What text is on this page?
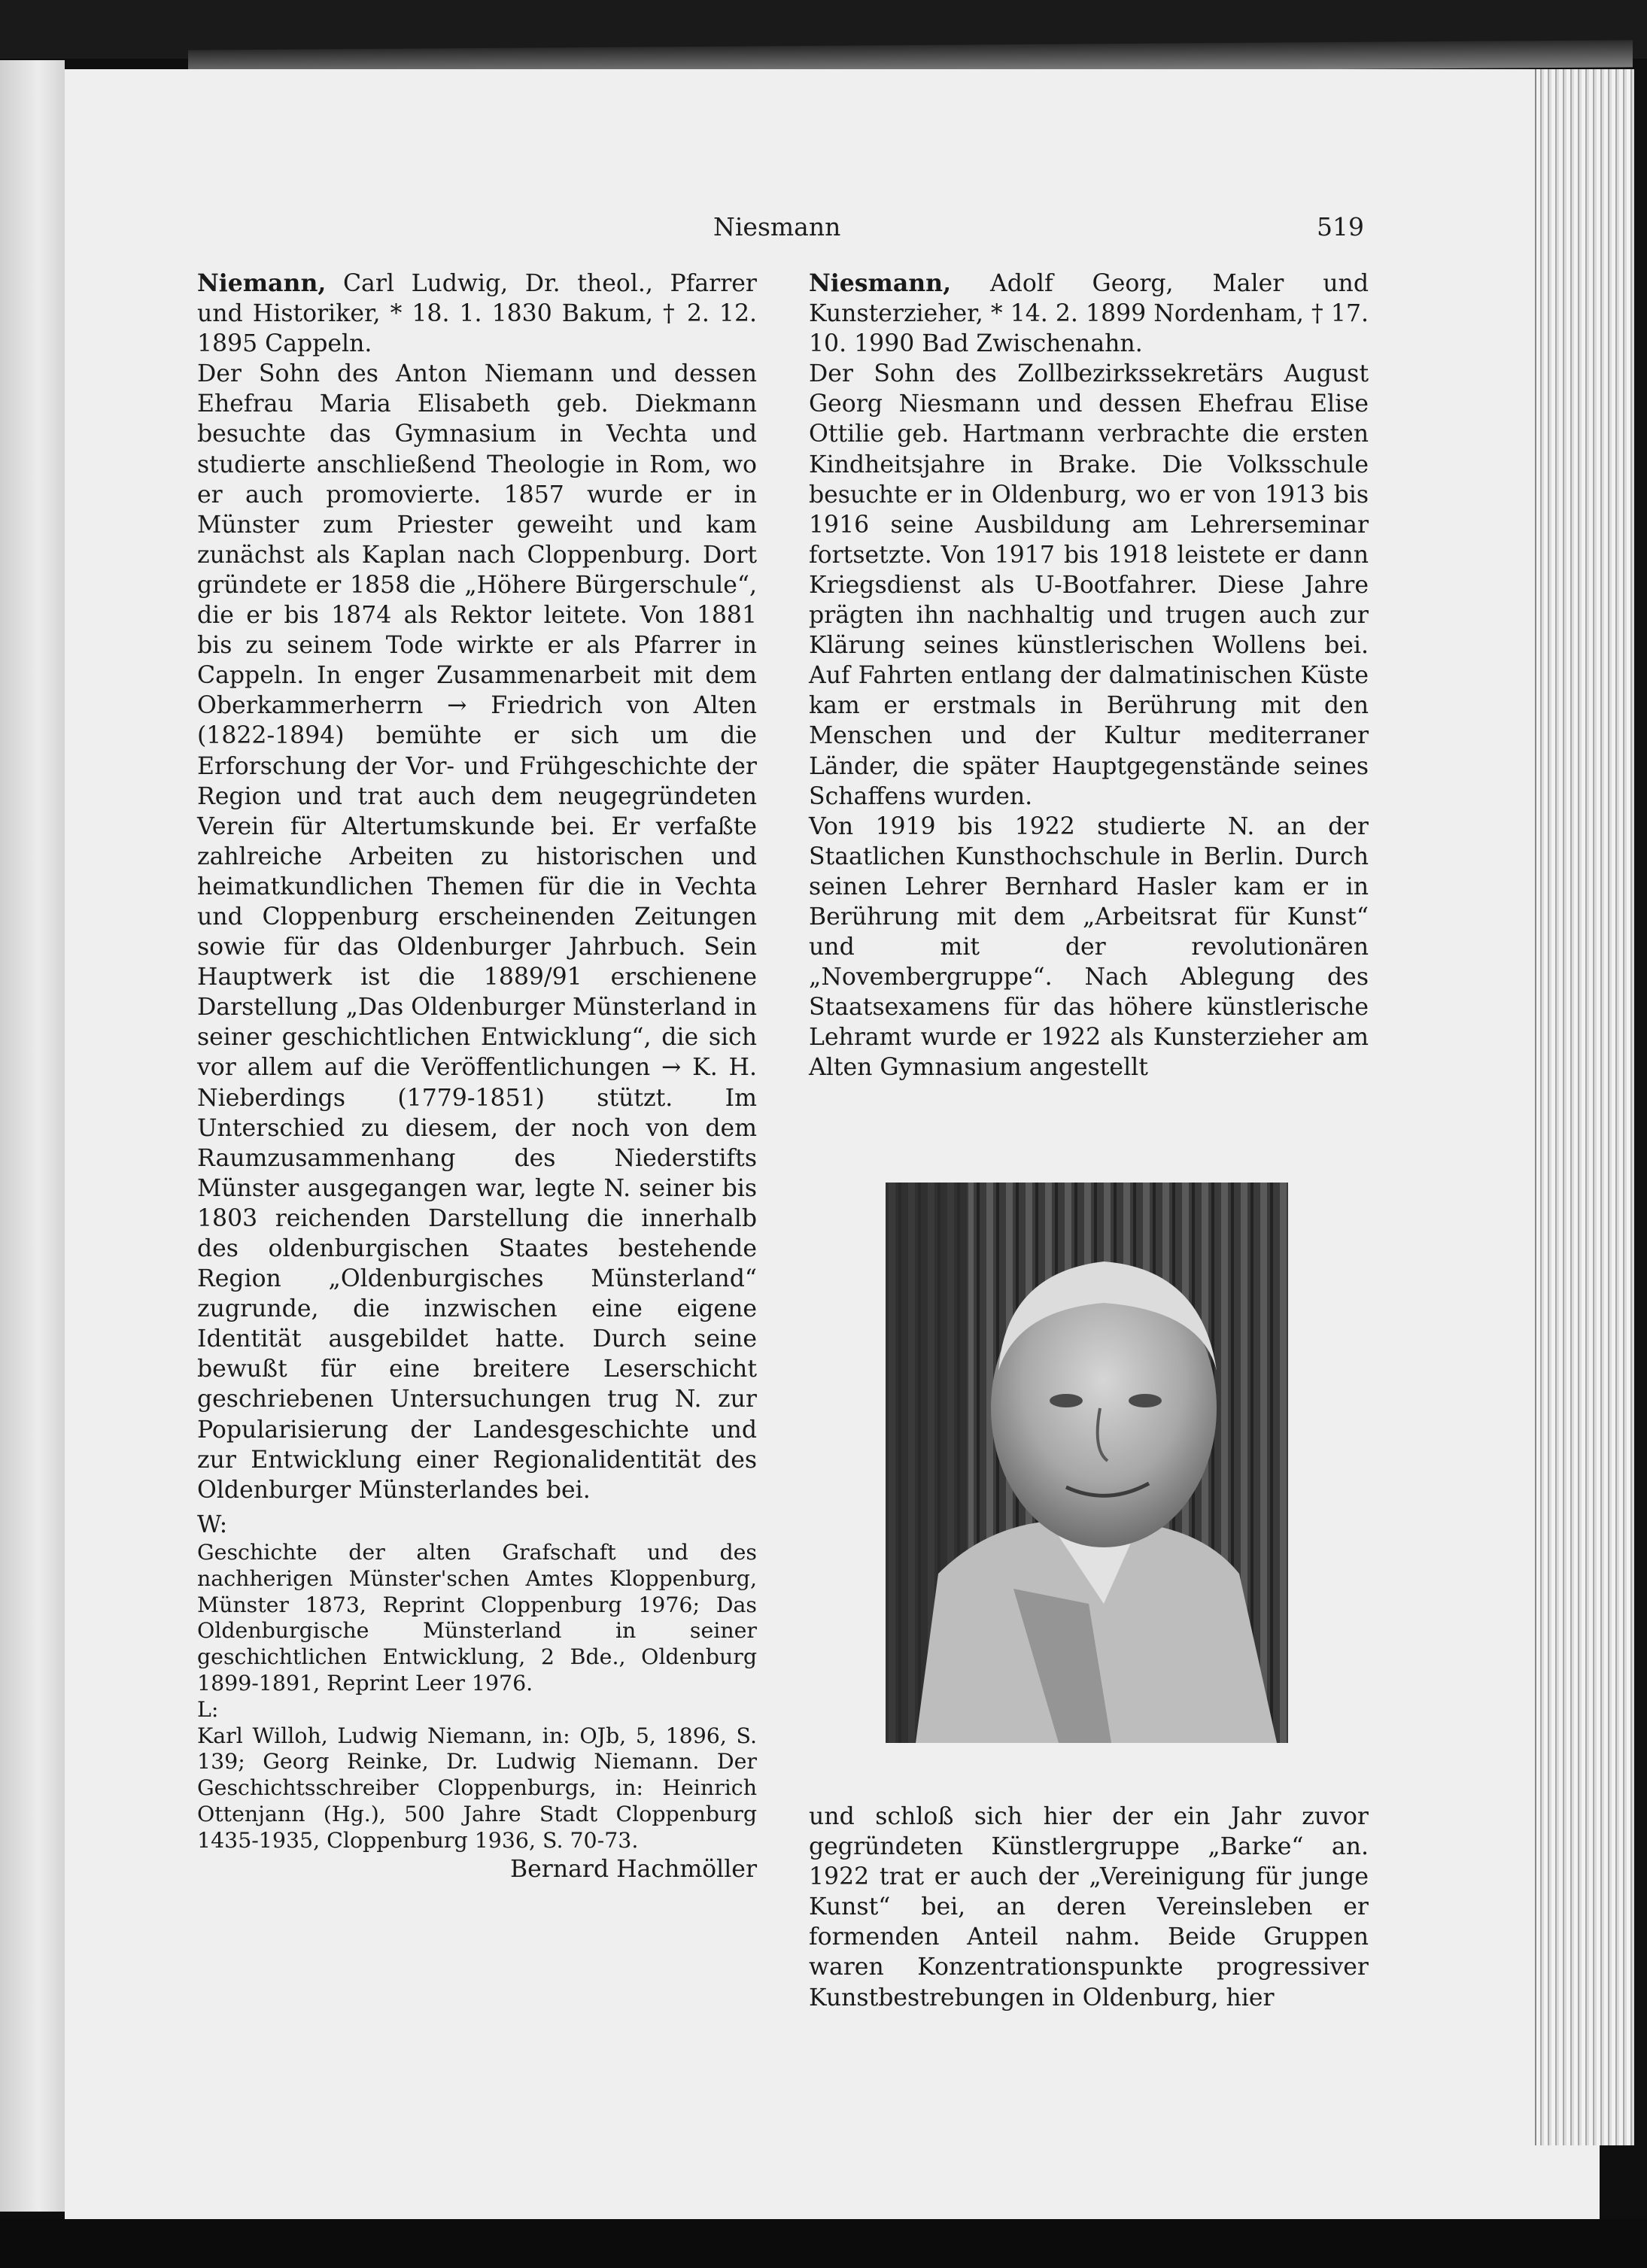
Niesmann	519

Niemann, Carl Ludwig, Dr. theol., Pfarrer und Historiker, * 18. 1. 1830 Bakum, † 2. 12. 1895 Cappeln.

Der Sohn des Anton Niemann und dessen Ehefrau Maria Elisabeth geb. Diekmann besuchte das Gymnasium in Vechta und studierte anschließend Theologie in Rom, wo er auch promovierte. 1857 wurde er in Münster zum Priester geweiht und kam zunächst als Kaplan nach Cloppenburg. Dort gründete er 1858 die „Höhere Bürgerschule“, die er bis 1874 als Rektor leitete. Von 1881 bis zu seinem Tode wirkte er als Pfarrer in Cappeln. In enger Zusammenarbeit mit dem Oberkammerherrn → Friedrich von Alten (1822-1894) bemühte er sich um die Erforschung der Vor- und Frühgeschichte der Region und trat auch dem neugegründeten Verein für Altertumskunde bei. Er verfaßte zahlreiche Arbeiten zu historischen und heimatkundlichen Themen für die in Vechta und Cloppenburg erscheinenden Zeitungen sowie für das Oldenburger Jahrbuch. Sein Hauptwerk ist die 1889/91 erschienene Darstellung „Das Oldenburger Münsterland in seiner geschichtlichen Entwicklung“, die sich vor allem auf die Veröffentlichungen → K. H. Nieberdings (1779-1851) stützt. Im Unterschied zu diesem, der noch von dem Raumzusammenhang des Niederstifts Münster ausgegangen war, legte N. seiner bis 1803 reichenden Darstellung die innerhalb des oldenburgischen Staates bestehende Region „Oldenburgisches Münsterland“ zugrunde, die inzwischen eine eigene Identität ausgebildet hatte. Durch seine bewußt für eine breitere Leserschicht geschriebenen Untersuchungen trug N. zur Popularisierung der Landesgeschichte und zur Entwicklung einer Regionalidentität des Oldenburger Münsterlandes bei.

W:

Geschichte der alten Grafschaft und des nachherigen Münster'schen Amtes Kloppenburg, Münster 1873, Reprint Cloppenburg 1976; Das Oldenburgische Münsterland in seiner geschichtlichen Entwicklung, 2 Bde., Oldenburg 1899-1891, Reprint Leer 1976.

L:

Karl Willoh, Ludwig Niemann, in: OJb, 5, 1896, S. 139; Georg Reinke, Dr. Ludwig Niemann. Der Geschichtsschreiber Cloppenburgs, in: Heinrich Ottenjann (Hg.), 500 Jahre Stadt Cloppenburg 1435-1935, Cloppenburg 1936, S. 70-73.

Bernard Hachmöller

Niesmann, Adolf Georg, Maler und Kunsterzieher, * 14. 2. 1899 Nordenham, † 17. 10. 1990 Bad Zwischenahn.

Der Sohn des Zollbezirkssekretärs August Georg Niesmann und dessen Ehefrau Elise Ottilie geb. Hartmann verbrachte die ersten Kindheitsjahre in Brake. Die Volksschule besuchte er in Oldenburg, wo er von 1913 bis 1916 seine Ausbildung am Lehrerseminar fortsetzte. Von 1917 bis 1918 leistete er dann Kriegsdienst als U-Bootfahrer. Diese Jahre prägten ihn nachhaltig und trugen auch zur Klärung seines künstlerischen Wollens bei. Auf Fahrten entlang der dalmatinischen Küste kam er erstmals in Berührung mit den Menschen und der Kultur mediterraner Länder, die später Hauptgegenstände seines Schaffens wurden.

Von 1919 bis 1922 studierte N. an der Staatlichen Kunsthochschule in Berlin. Durch seinen Lehrer Bernhard Hasler kam er in Berührung mit dem „Arbeitsrat für Kunst“ und mit der revolutionären „Novembergruppe“. Nach Ablegung des Staatsexamens für das höhere künstlerische Lehramt wurde er 1922 als Kunsterzieher am Alten Gymnasium angestellt

und schloß sich hier der ein Jahr zuvor gegründeten Künstlergruppe „Barke“ an. 1922 trat er auch der „Vereinigung für junge Kunst“ bei, an deren Vereinsleben er formenden Anteil nahm. Beide Gruppen waren Konzentrationspunkte progressiver Kunstbestrebungen in Oldenburg, hier
